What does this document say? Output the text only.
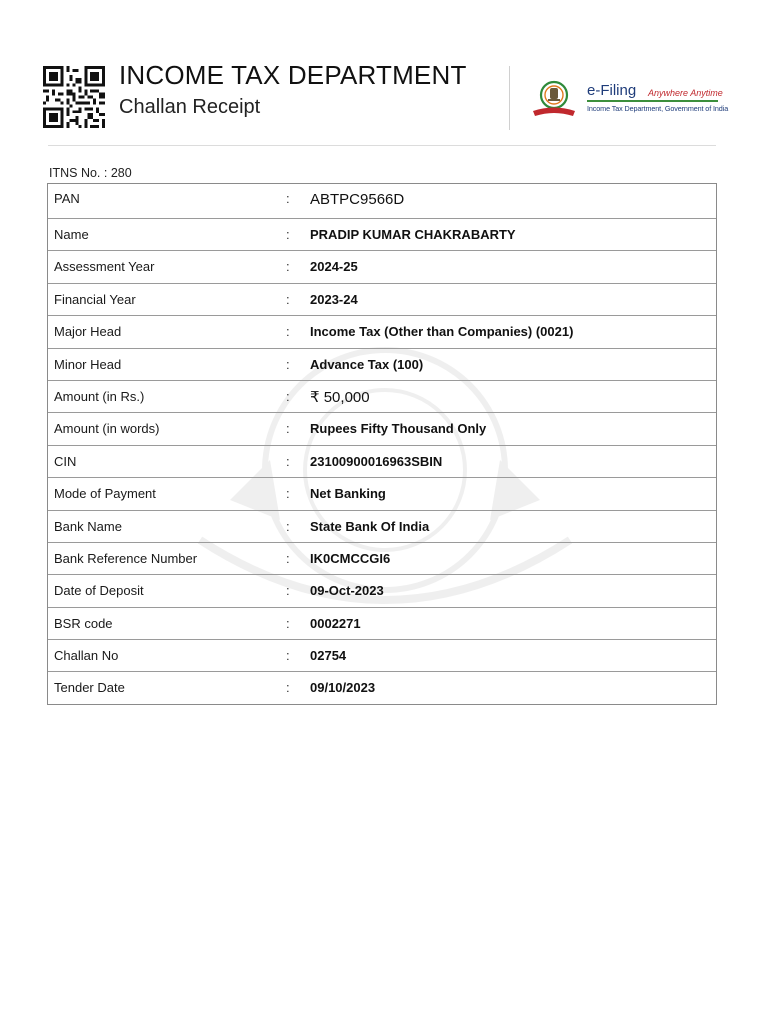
INCOME TAX DEPARTMENT
Challan Receipt
e-Filing Anywhere Anytime
Income Tax Department, Government of India
ITNS No. : 280
PAN	: ABTPC9566D
Name	: PRADIP KUMAR CHAKRABARTY
Assessment Year	: 2024-25
Financial Year	: 2023-24
Major Head	: Income Tax (Other than Companies) (0021)
Minor Head	: Advance Tax (100)
Amount (in Rs.)	: ₹ 50,000
Amount (in words)	: Rupees Fifty Thousand Only
CIN	: 23100900016963SBIN
Mode of Payment	: Net Banking
Bank Name	: State Bank Of India
Bank Reference Number	: IK0CMCCGI6
Date of Deposit	: 09-Oct-2023
BSR code	: 0002271
Challan No	: 02754
Tender Date	: 09/10/2023
